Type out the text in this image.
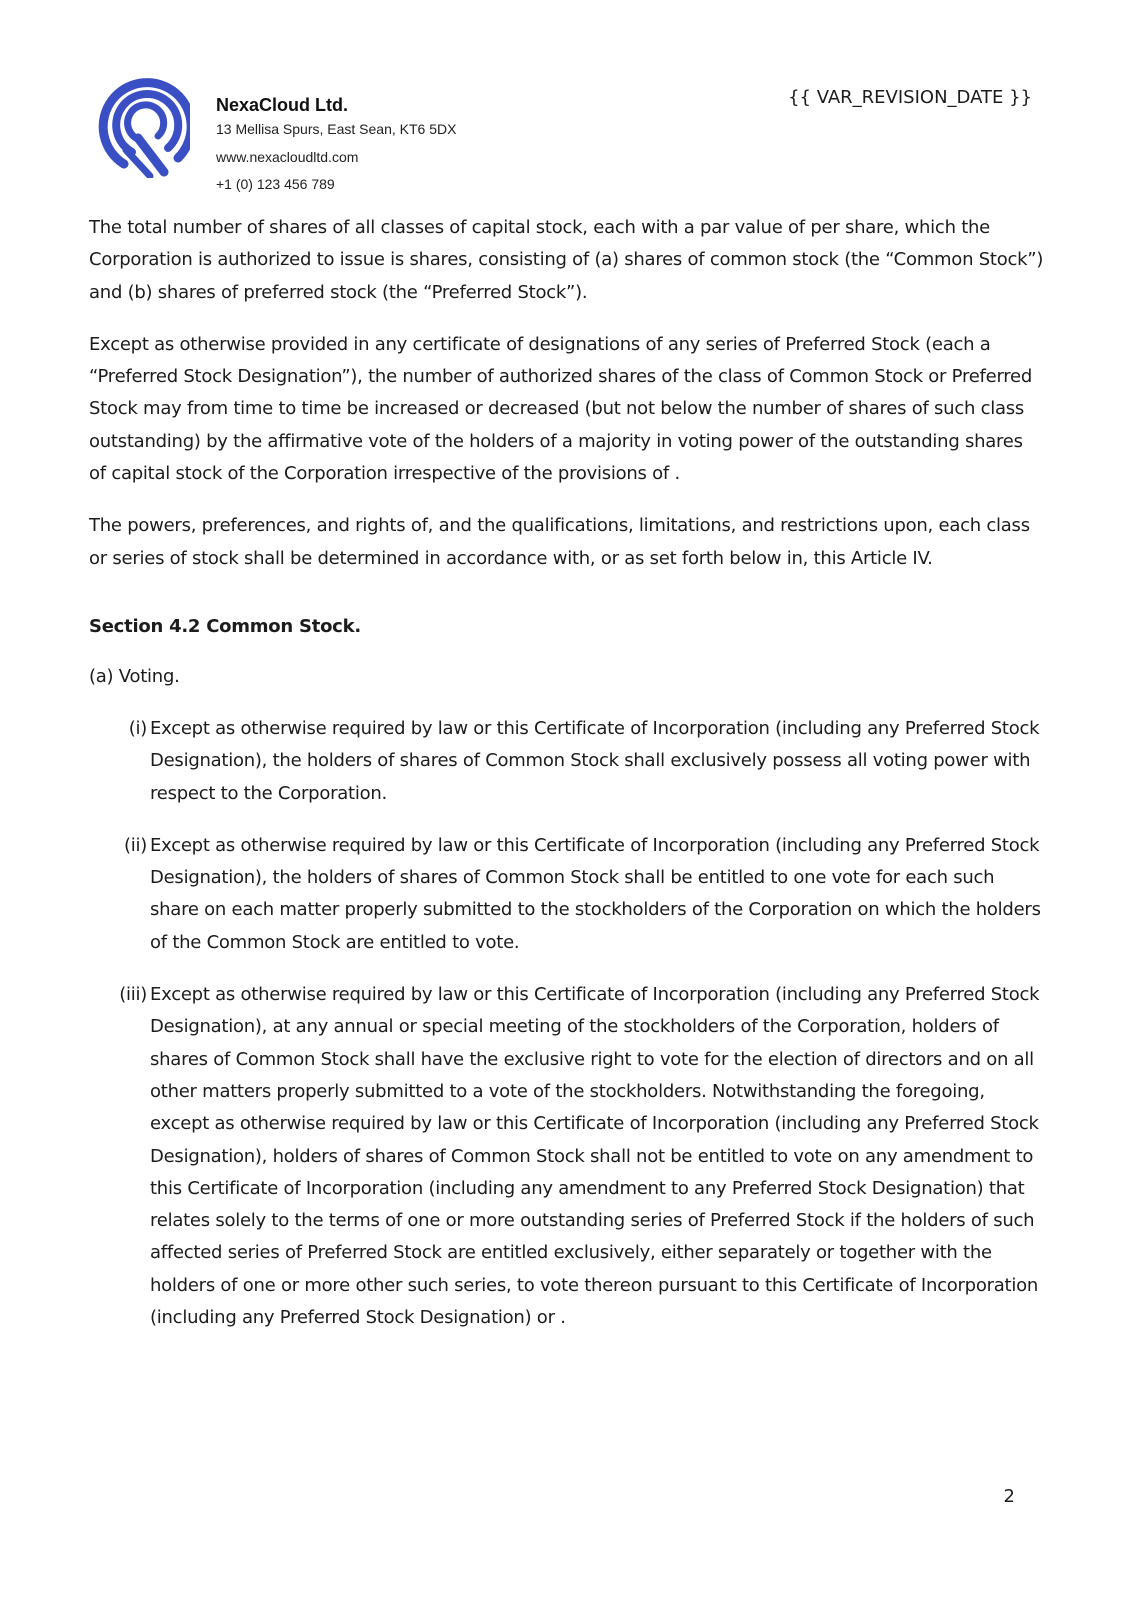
NexaCloud Ltd.
13 Mellisa Spurs, East Sean, KT6 5DX
www.nexacloudltd.com
+1 (0) 123 456 789
{{ VAR_REVISION_DATE }}

The total number of shares of all classes of capital stock, each with a par value of per share, which the Corporation is authorized to issue is shares, consisting of (a) shares of common stock (the “Common Stock”) and (b) shares of preferred stock (the “Preferred Stock”).

Except as otherwise provided in any certificate of designations of any series of Preferred Stock (each a “Preferred Stock Designation”), the number of authorized shares of the class of Common Stock or Preferred Stock may from time to time be increased or decreased (but not below the number of shares of such class outstanding) by the affirmative vote of the holders of a majority in voting power of the outstanding shares of capital stock of the Corporation irrespective of the provisions of .

The powers, preferences, and rights of, and the qualifications, limitations, and restrictions upon, each class or series of stock shall be determined in accordance with, or as set forth below in, this Article IV.

Section 4.2 Common Stock.
(a) Voting.
(i) Except as otherwise required by law or this Certificate of Incorporation (including any Preferred Stock Designation), the holders of shares of Common Stock shall exclusively possess all voting power with respect to the Corporation.
(ii) Except as otherwise required by law or this Certificate of Incorporation (including any Preferred Stock Designation), the holders of shares of Common Stock shall be entitled to one vote for each such share on each matter properly submitted to the stockholders of the Corporation on which the holders of the Common Stock are entitled to vote.
(iii) Except as otherwise required by law or this Certificate of Incorporation (including any Preferred Stock Designation), at any annual or special meeting of the stockholders of the Corporation, holders of shares of Common Stock shall have the exclusive right to vote for the election of directors and on all other matters properly submitted to a vote of the stockholders. Notwithstanding the foregoing, except as otherwise required by law or this Certificate of Incorporation (including any Preferred Stock Designation), holders of shares of Common Stock shall not be entitled to vote on any amendment to this Certificate of Incorporation (including any amendment to any Preferred Stock Designation) that relates solely to the terms of one or more outstanding series of Preferred Stock if the holders of such affected series of Preferred Stock are entitled exclusively, either separately or together with the holders of one or more other such series, to vote thereon pursuant to this Certificate of Incorporation (including any Preferred Stock Designation) or .
2
